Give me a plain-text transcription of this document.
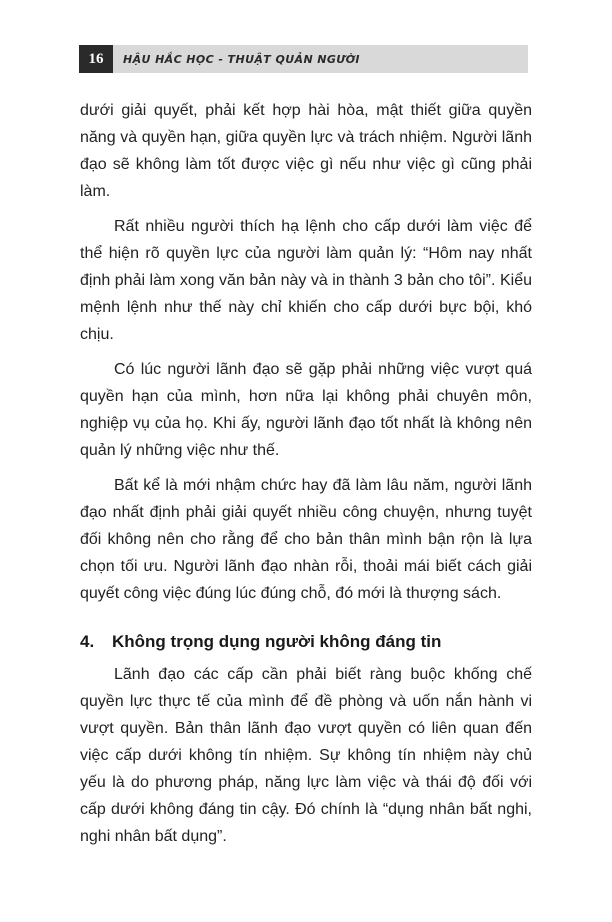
16	HẬU HẮC HỌC - THUẬT QUẢN NGƯỜI

dưới giải quyết, phải kết hợp hài hòa, mật thiết giữa quyền năng và quyền hạn, giữa quyền lực và trách nhiệm. Người lãnh đạo sẽ không làm tốt được việc gì nếu như việc gì cũng phải làm.

Rất nhiều người thích hạ lệnh cho cấp dưới làm việc để thể hiện rõ quyền lực của người làm quản lý: “Hôm nay nhất định phải làm xong văn bản này và in thành 3 bản cho tôi”. Kiểu mệnh lệnh như thế này chỉ khiến cho cấp dưới bực bội, khó chịu.

Có lúc người lãnh đạo sẽ gặp phải những việc vượt quá quyền hạn của mình, hơn nữa lại không phải chuyên môn, nghiệp vụ của họ. Khi ấy, người lãnh đạo tốt nhất là không nên quản lý những việc như thế.

Bất kể là mới nhậm chức hay đã làm lâu năm, người lãnh đạo nhất định phải giải quyết nhiều công chuyện, nhưng tuyệt đối không nên cho rằng để cho bản thân mình bận rộn là lựa chọn tối ưu. Người lãnh đạo nhàn rỗi, thoải mái biết cách giải quyết công việc đúng lúc đúng chỗ, đó mới là thượng sách.

4.	Không trọng dụng người không đáng tin

Lãnh đạo các cấp cần phải biết ràng buộc khống chế quyền lực thực tế của mình để đề phòng và uốn nắn hành vi vượt quyền. Bản thân lãnh đạo vượt quyền có liên quan đến việc cấp dưới không tín nhiệm. Sự không tín nhiệm này chủ yếu là do phương pháp, năng lực làm việc và thái độ đối với cấp dưới không đáng tin cậy. Đó chính là “dụng nhân bất nghi, nghi nhân bất dụng”.
